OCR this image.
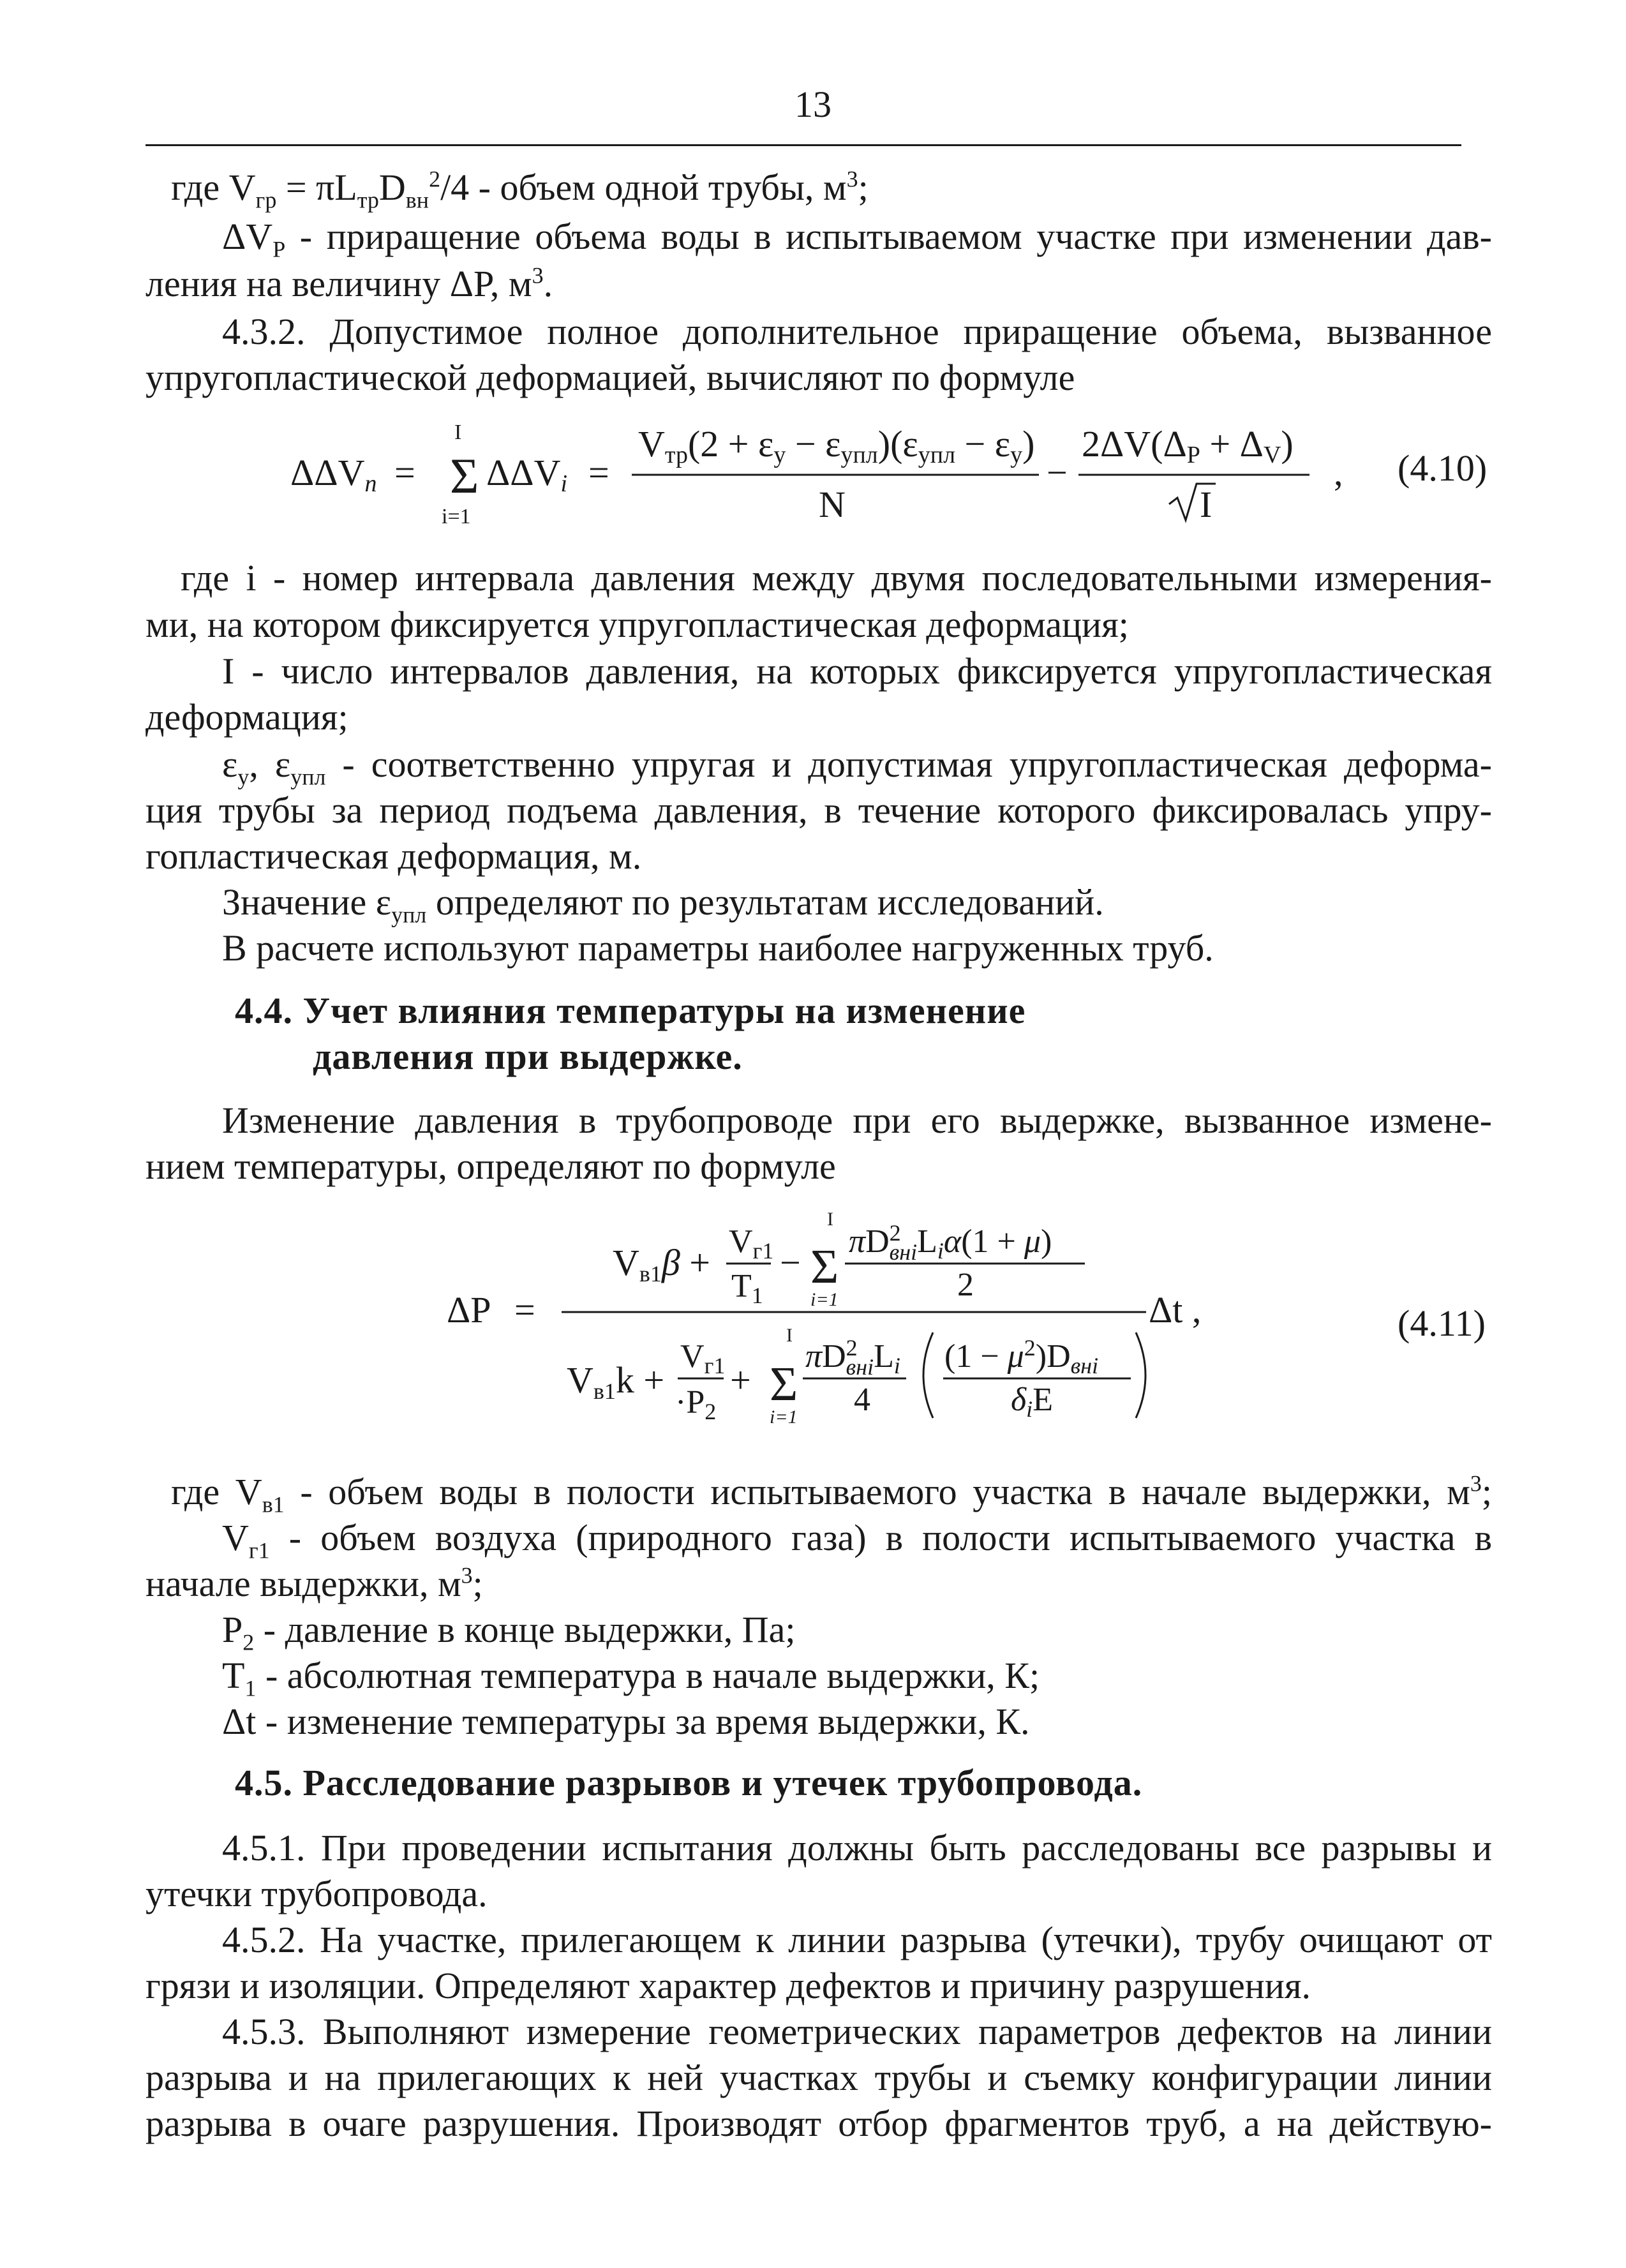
13
где $V_{гр} = \pi L_{тр}D_{вн}^2/4$ - объем одной трубы, $м^3$;
$\Delta V_P$ - приращение объема воды в испытываемом участке при изменении дав-
ления на величину ΔP, $м^3$.
4.3.2. Допустимое полное дополнительное приращение объема, вызванное
упругопластической деформацией, вычисляют по формуле
где i - номер интервала давления между двумя последовательными измерения-
ми, на котором фиксируется упругопластическая деформация;
I - число интервалов давления, на которых фиксируется упругопластическая
деформация;
$\varepsilon_у$, $\varepsilon_{упл}$ - соответственно упругая и допустимая упругопластическая деформа-
ция трубы за период подъема давления, в течение которого фиксировалась упру-
гопластическая деформация, м.
Значение $\varepsilon_{упл}$ определяют по результатам исследований.
В расчете используют параметры наиболее нагруженных труб.
4.4. Учет влияния температуры на изменение
давления при выдержке.
Изменение давления в трубопроводе при его выдержке, вызванное измене-
нием температуры, определяют по формуле
где $V_{в1}$ - объем воды в полости испытываемого участка в начале выдержки, $м^3$;
$V_{г1}$ - объем воздуха (природного газа) в полости испытываемого участка в
начале выдержки, $м^3$;
$P_2$ - давление в конце выдержки, Па;
$T_1$ - абсолютная температура в начале выдержки, К;
Δt - изменение температуры за время выдержки, К.
4.5. Расследование разрывов и утечек трубопровода.
4.5.1. При проведении испытания должны быть расследованы все разрывы и
утечки трубопровода.
4.5.2. На участке, прилегающем к линии разрыва (утечки), трубу очищают от
грязи и изоляции. Определяют характер дефектов и причину разрушения.
4.5.3. Выполняют измерение геометрических параметров дефектов на линии
разрыва и на прилегающих к ней участках трубы и съемку конфигурации линии
разрыва в очаге разрушения. Производят отбор фрагментов труб, а на действую-
ΔΔVп =
I
Σ
i=1
ΔΔVi =
Vтр(2 + εу − εупл)(εупл − εу)
N
−
2ΔV(ΔP + ΔV)
I
, (4.10)
ΔP =
Vв1β +
Vг1
T1
−
I
Σ
i=1
$\pi D^2$ внiLiα(1 + μ)
2
Δt ,
Vв1k +
Vг1
·P2
+
I
Σ
i=1
$\pi D^2$ внiLi
4
$(1 - \mu^2)Dвнi$
δiE
(4.11)
